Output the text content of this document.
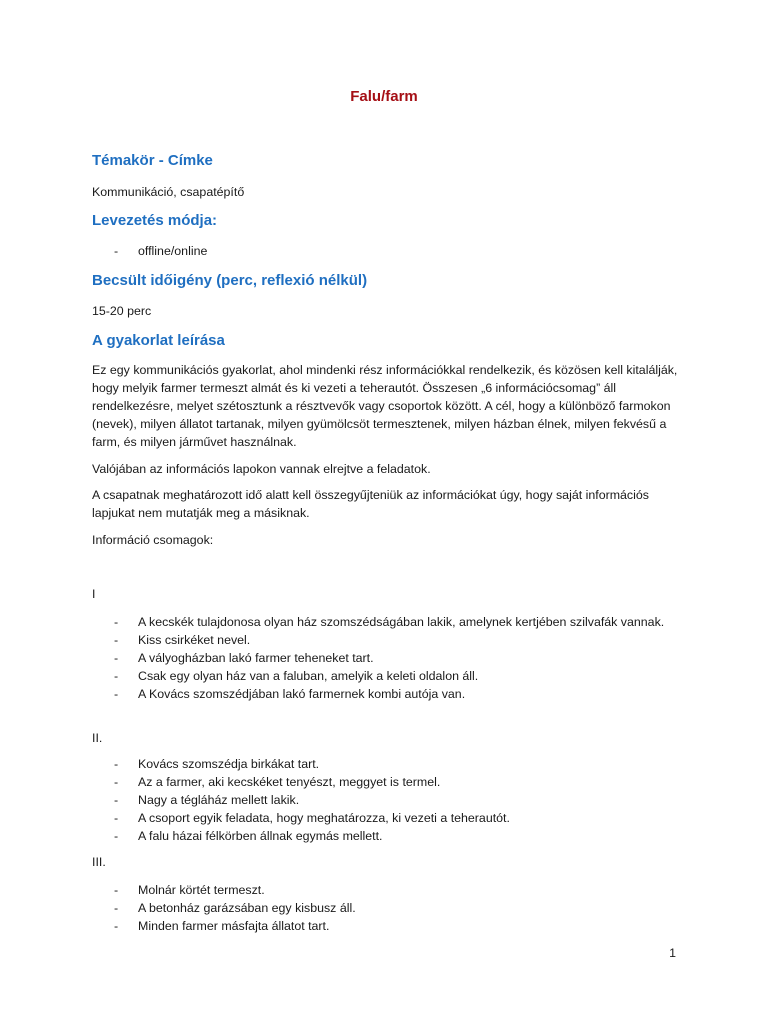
Falu/farm
Témakör - Címke

Kommunikáció, csapatépítő

Levezetés módja:
- offline/online
Becsült időigény (perc, reflexió nélkül)

15-20 perc

A gyakorlat leírása

Ez egy kommunikációs gyakorlat, ahol mindenki rész információkkal rendelkezik, és közösen kell kitalálják, hogy melyik farmer termeszt almát és ki vezeti a teherautót. Összesen „6 információcsomag” áll rendelkezésre, melyet szétosztunk a résztvevők vagy csoportok között. A cél, hogy a különböző farmokon (nevek), milyen állatot tartanak, milyen gyümölcsöt termesztenek, milyen házban élnek, milyen fekvésű a farm, és milyen járművet használnak.

Valójában az információs lapokon vannak elrejtve a feladatok.

A csapatnak meghatározott idő alatt kell összegyűjteniük az információkat úgy, hogy saját információs lapjukat nem mutatják meg a másiknak.

Információ csomagok:

I

- A kecskék tulajdonosa olyan ház szomszédságában lakik, amelynek kertjében szilvafák vannak.
- Kiss csirkéket nevel.
- A vályogházban lakó farmer teheneket tart.
- Csak egy olyan ház van a faluban, amelyik a keleti oldalon áll.
- A Kovács szomszédjában lakó farmernek kombi autója van.

II.

- Kovács szomszédja birkákat tart.
- Az a farmer, aki kecskéket tenyészt, meggyet is termel.
- Nagy a tégláház mellett lakik.
- A csoport egyik feladata, hogy meghatározza, ki vezeti a teherautót.
- A falu házai félkörben állnak egymás mellett.

III.

- Molnár körtét termeszt.
- A betonház garázsában egy kisbusz áll.
- Minden farmer másfajta állatot tart.
1
